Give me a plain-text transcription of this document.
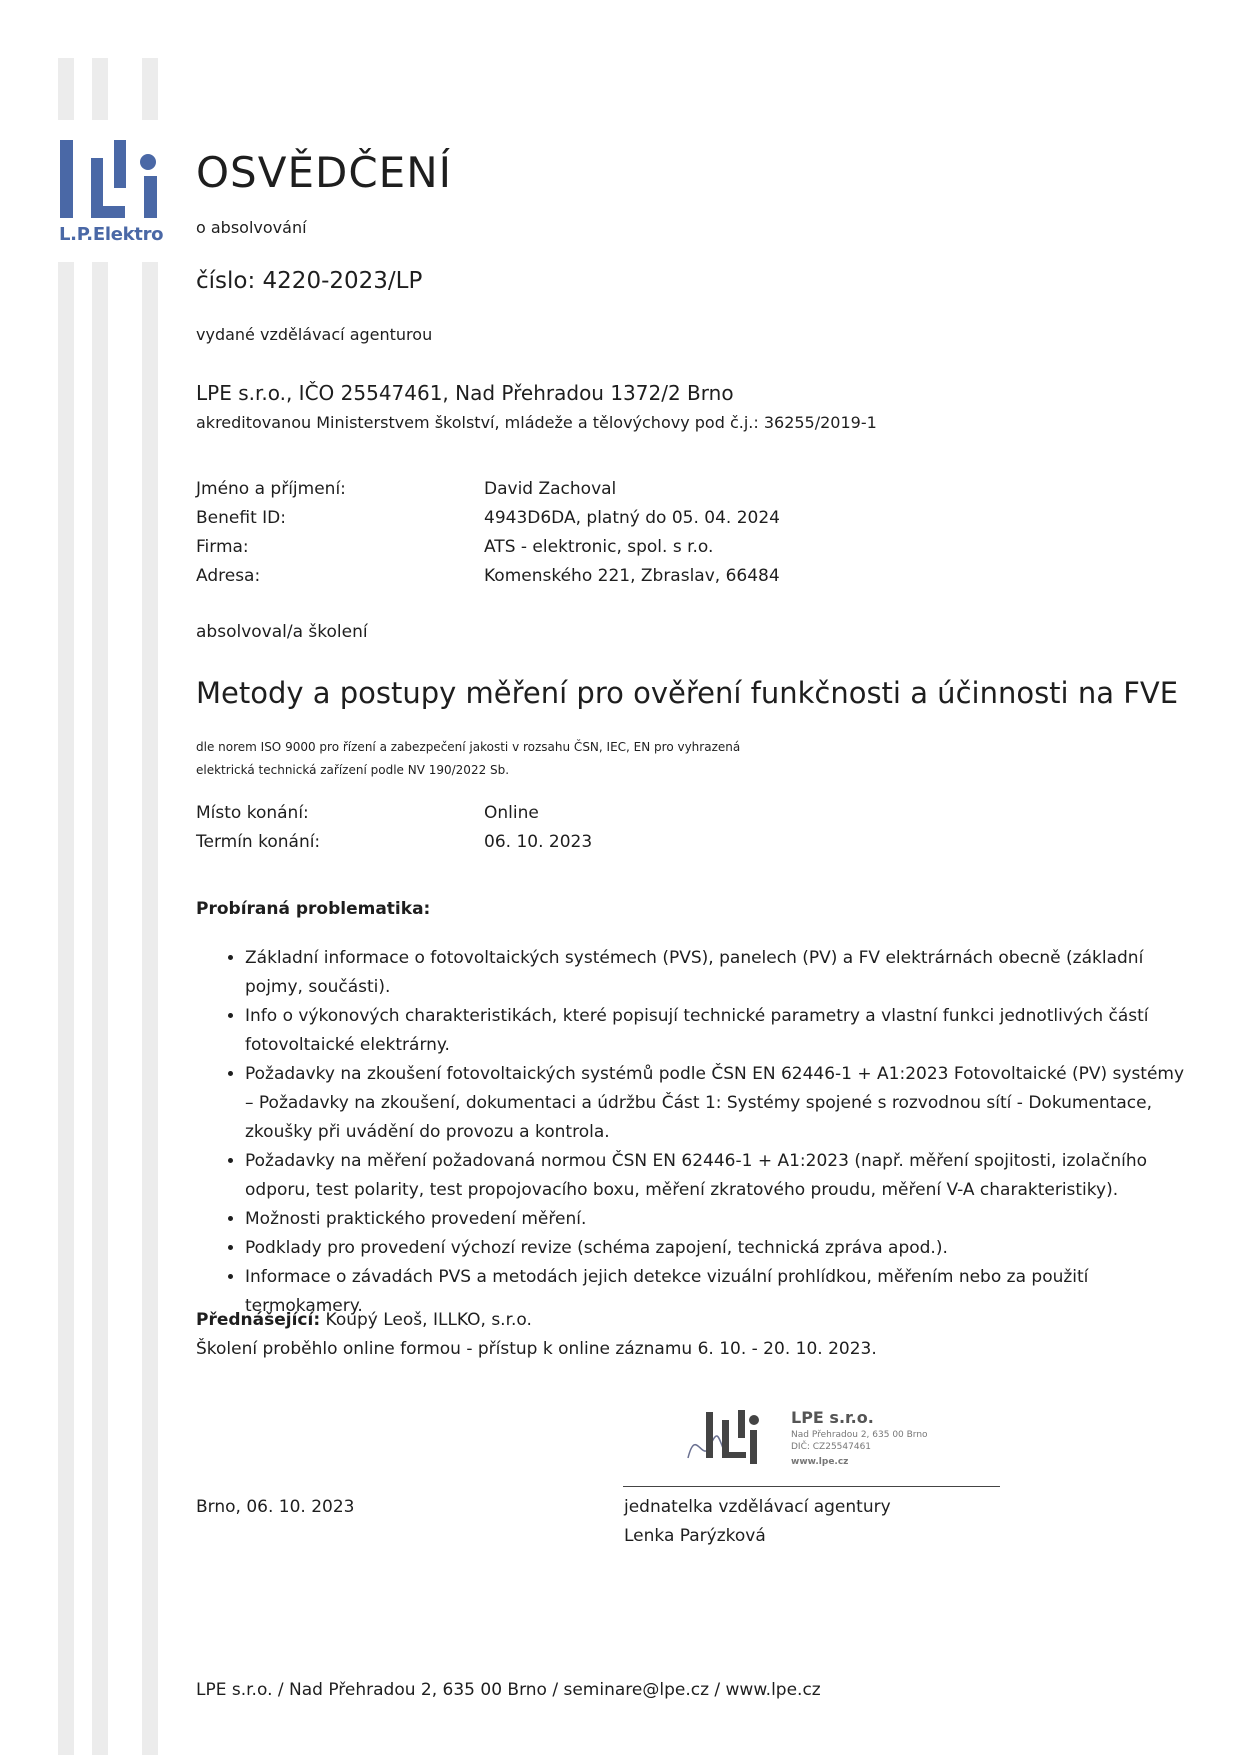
L.P.Elektro
OSVĚDČENÍ
o absolvování
číslo: 4220-2023/LP
vydané vzdělávací agenturou
LPE s.r.o., IČO 25547461, Nad Přehradou 1372/2 Brno
akreditovanou Ministerstvem školství, mládeže a tělovýchovy pod č.j.: 36255/2019-1
Jméno a příjmení:	David Zachoval
Benefit ID:	4943D6DA, platný do 05. 04. 2024
Firma:	ATS - elektronic, spol. s r.o.
Adresa:	Komenského 221, Zbraslav, 66484
absolvoval/a školení
Metody a postupy měření pro ověření funkčnosti a účinnosti na FVE
dle norem ISO 9000 pro řízení a zabezpečení jakosti v rozsahu ČSN, IEC, EN pro vyhrazená
elektrická technická zařízení podle NV 190/2022 Sb.
Místo konání:	Online
Termín konání:	06. 10. 2023
Probíraná problematika:
• Základní informace o fotovoltaických systémech (PVS), panelech (PV) a FV elektrárnách obecně (základní pojmy, součásti).
• Info o výkonových charakteristikách, které popisují technické parametry a vlastní funkci jednotlivých částí fotovoltaické elektrárny.
• Požadavky na zkoušení fotovoltaických systémů podle ČSN EN 62446-1 + A1:2023 Fotovoltaické (PV) systémy – Požadavky na zkoušení, dokumentaci a údržbu Část 1: Systémy spojené s rozvodnou sítí - Dokumentace, zkoušky při uvádění do provozu a kontrola.
• Požadavky na měření požadovaná normou ČSN EN 62446-1 + A1:2023 (např. měření spojitosti, izolačního odporu, test polarity, test propojovacího boxu, měření zkratového proudu, měření V-A charakteristiky).
• Možnosti praktického provedení měření.
• Podklady pro provedení výchozí revize (schéma zapojení, technická zpráva apod.).
• Informace o závadách PVS a metodách jejich detekce vizuální prohlídkou, měřením nebo za použití termokamery.
Přednášející: Koupý Leoš, ILLKO, s.r.o.
Školení proběhlo online formou - přístup k online záznamu 6. 10. - 20. 10. 2023.
LPE s.r.o.
Nad Přehradou 2, 635 00 Brno
DIČ: CZ25547461
www.lpe.cz
Brno, 06. 10. 2023	jednatelka vzdělávací agentury
Lenka Parýzková
LPE s.r.o. / Nad Přehradou 2, 635 00 Brno / seminare@lpe.cz / www.lpe.cz
